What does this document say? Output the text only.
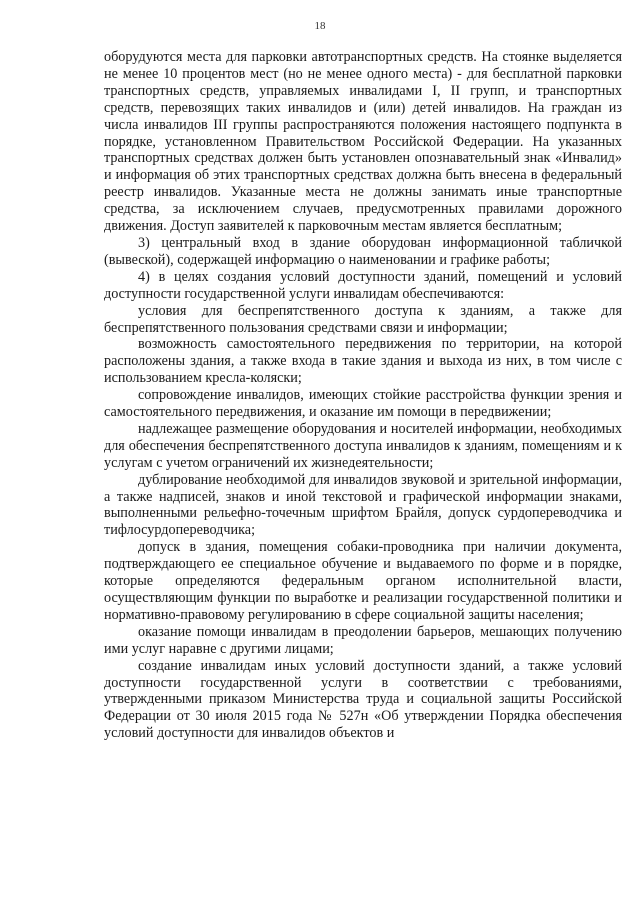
18

оборудуются места для парковки автотранспортных средств. На стоянке выделяется не менее 10 процентов мест (но не менее одного места) - для бесплатной парковки транспортных средств, управляемых инвалидами I, II групп, и транспортных средств, перевозящих таких инвалидов и (или) детей инвалидов. На граждан из числа инвалидов III группы распространяются положения настоящего подпункта в порядке, установленном Правительством Российской Федерации. На указанных транспортных средствах должен быть установлен опознавательный знак «Инвалид» и информация об этих транспортных средствах должна быть внесена в федеральный реестр инвалидов. Указанные места не должны занимать иные транспортные средства, за исключением случаев, предусмотренных правилами дорожного движения. Доступ заявителей к парковочным местам является бесплатным;

3) центральный вход в здание оборудован информационной табличкой (вывеской), содержащей информацию о наименовании и графике работы;

4) в целях создания условий доступности зданий, помещений и условий доступности государственной услуги инвалидам обеспечиваются:

условия для беспрепятственного доступа к зданиям, а также для беспрепятственного пользования средствами связи и информации;

возможность самостоятельного передвижения по территории, на которой расположены здания, а также входа в такие здания и выхода из них, в том числе с использованием кресла-коляски;

сопровождение инвалидов, имеющих стойкие расстройства функции зрения и самостоятельного передвижения, и оказание им помощи в передвижении;

надлежащее размещение оборудования и носителей информации, необходимых для обеспечения беспрепятственного доступа инвалидов к зданиям, помещениям и к услугам с учетом ограничений их жизнедеятельности;

дублирование необходимой для инвалидов звуковой и зрительной информации, а также надписей, знаков и иной текстовой и графической информации знаками, выполненными рельефно-точечным шрифтом Брайля, допуск сурдопереводчика и тифлосурдопереводчика;

допуск в здания, помещения собаки-проводника при наличии документа, подтверждающего ее специальное обучение и выдаваемого по форме и в порядке, которые определяются федеральным органом исполнительной власти, осуществляющим функции по выработке и реализации государственной политики и нормативно-правовому регулированию в сфере социальной защиты населения;

оказание помощи инвалидам в преодолении барьеров, мешающих получению ими услуг наравне с другими лицами;

создание инвалидам иных условий доступности зданий, а также условий доступности государственной услуги в соответствии с требованиями, утвержденными приказом Министерства труда и социальной защиты Российской Федерации от 30 июля 2015 года № 527н «Об утверждении Порядка обеспечения условий доступности для инвалидов объектов и
